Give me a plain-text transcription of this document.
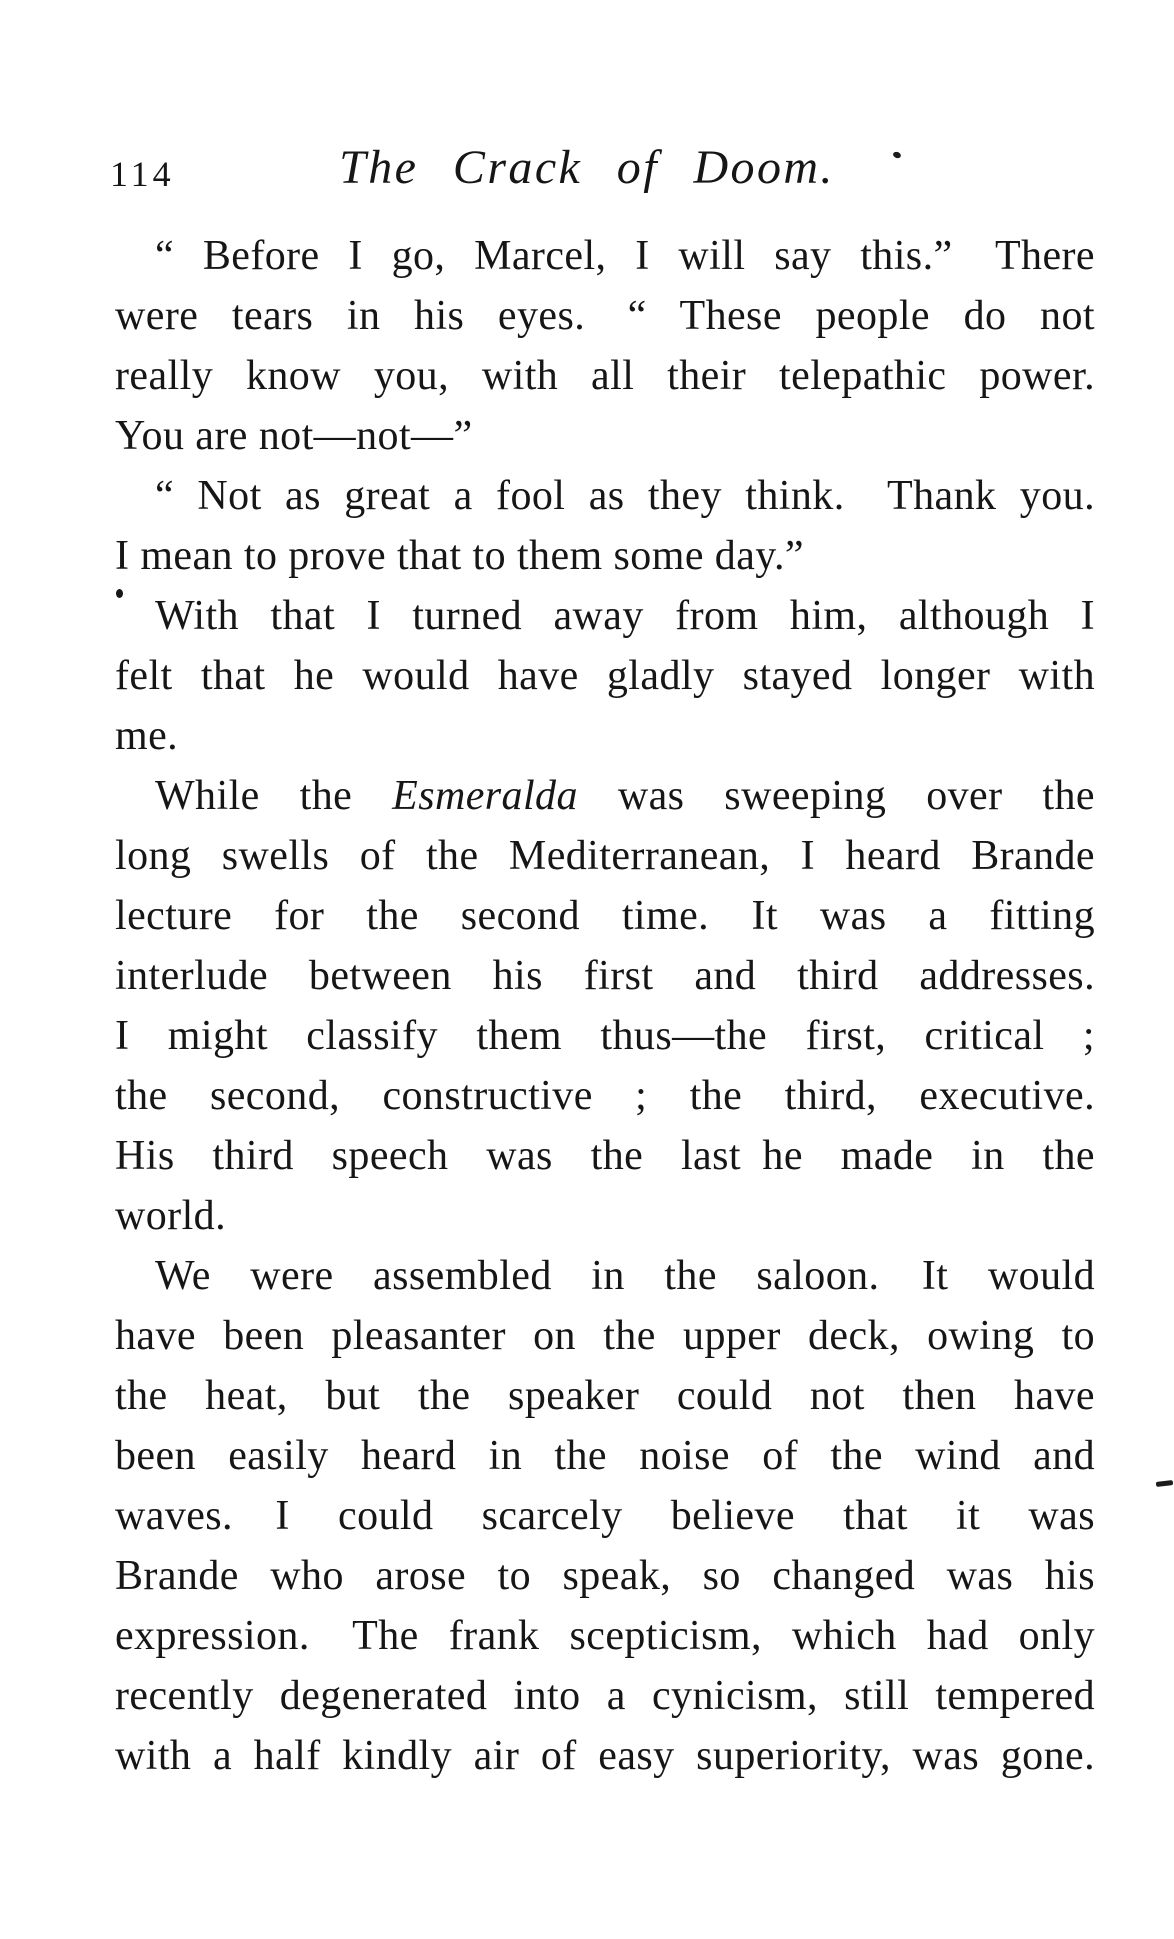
114	The Crack of Doom.
“ Before I go, Marcel, I will say this.” There
were tears in his eyes. “ These people do not
really know you, with all their telepathic power.
You are not—not—”
“ Not as great a fool as they think. Thank you.
I mean to prove that to them some day.”
With that I turned away from him, although I
felt that he would have gladly stayed longer with
me.
While the Esmeralda was sweeping over the
long swells of the Mediterranean, I heard Brande
lecture for the second time. It was a fitting
interlude between his first and third addresses.
I might classify them thus—the first, critical ;
the second, constructive ; the third, executive.
His third speech was the last he made in the
world.
We were assembled in the saloon. It would
have been pleasanter on the upper deck, owing to
the heat, but the speaker could not then have
been easily heard in the noise of the wind and
waves. I could scarcely believe that it was
Brande who arose to speak, so changed was his
expression. The frank scepticism, which had only
recently degenerated into a cynicism, still tempered
with a half kindly air of easy superiority, was gone.
